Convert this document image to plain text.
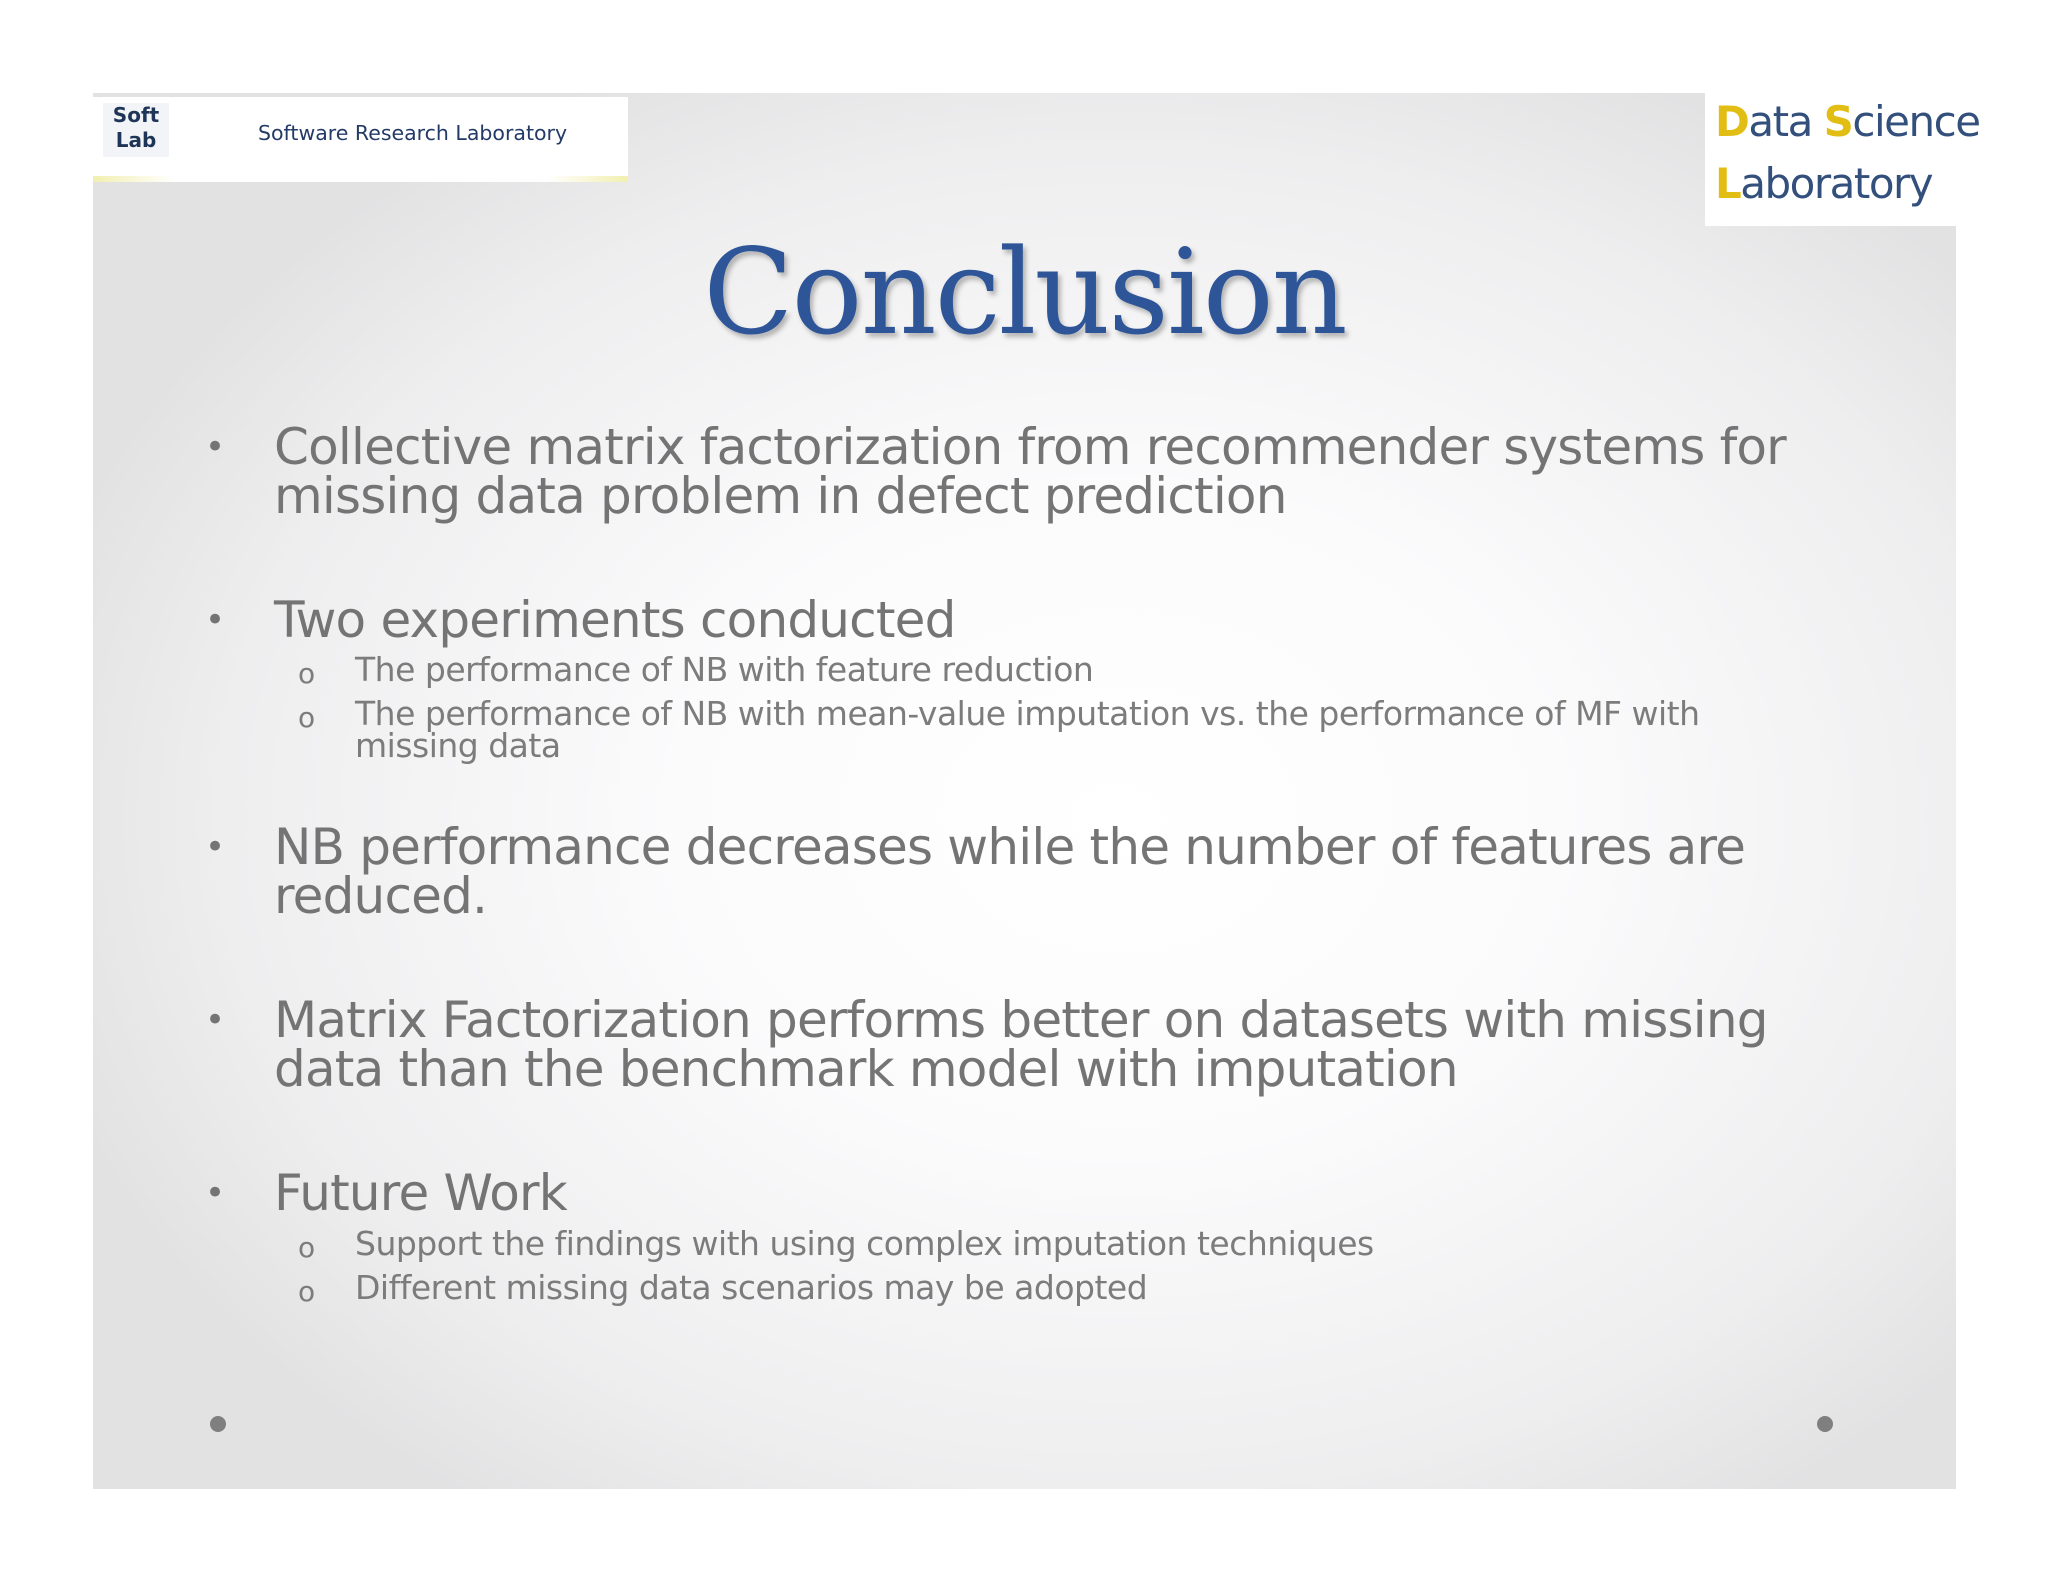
Soft
Lab	Software Research Laboratory	Data Science
Laboratory
Conclusion
• Collective matrix factorization from recommender systems for missing data problem in defect prediction
• Two experiments conducted
o The performance of NB with feature reduction
o The performance of NB with mean-value imputation vs. the performance of MF with missing data
• NB performance decreases while the number of features are reduced.
• Matrix Factorization performs better on datasets with missing data than the benchmark model with imputation
• Future Work
o Support the findings with using complex imputation techniques
o Different missing data scenarios may be adopted
